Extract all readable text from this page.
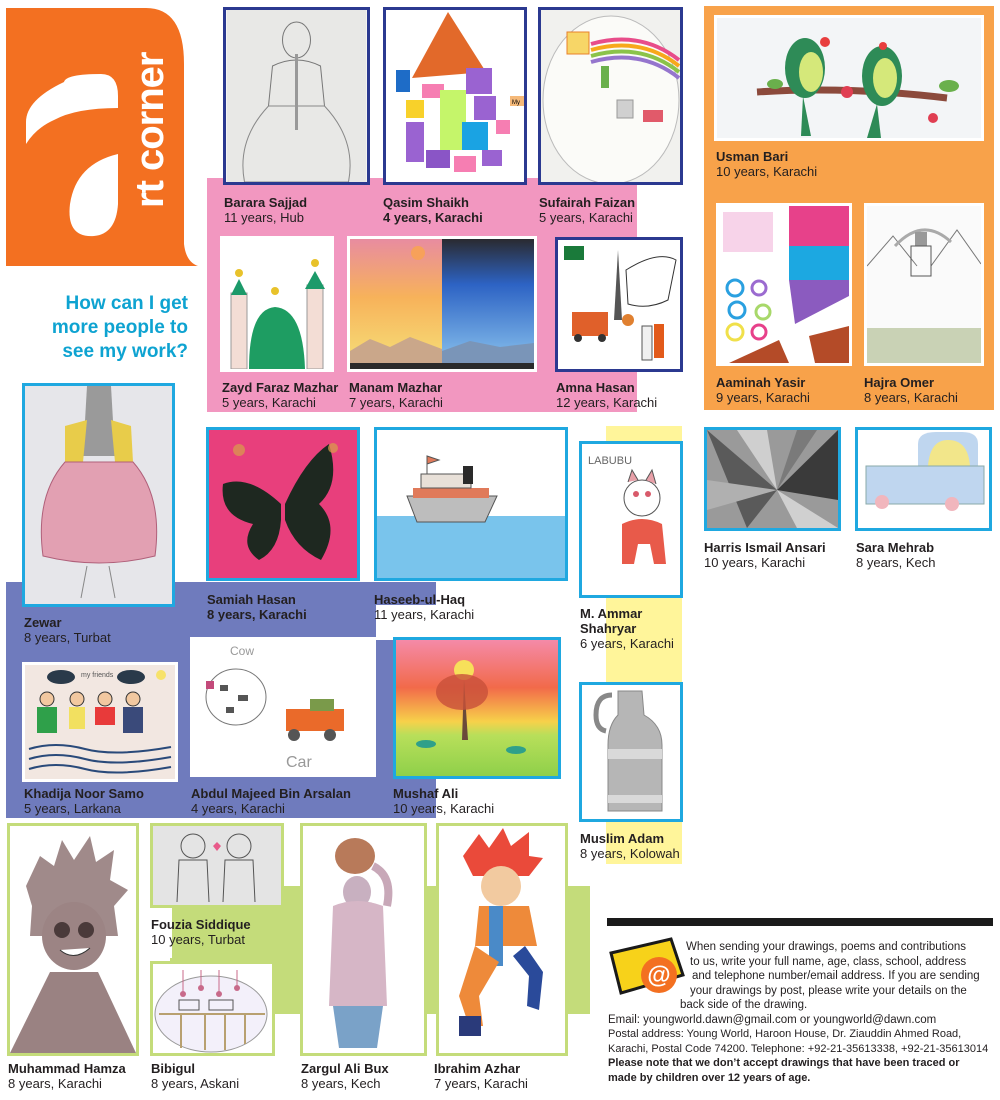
rt corner
How can I get more people to see my work?
Barara Sajjad
11 years, Hub
My
Qasim Shaikh
4 years, Karachi
Sufairah Faizan
5 years, Karachi
Usman Bari
10 years, Karachi
Zayd Faraz Mazhar
5 years, Karachi
Manam Mazhar
7 years, Karachi
Amna Hasan
12 years, Karachi
Aaminah Yasir
9 years, Karachi
Hajra Omer
8 years, Karachi
Zewar
8 years, Turbat
Samiah Hasan
8 years, Karachi
Haseeb-ul-Haq
11 years, Karachi
LABUBU
M. Ammar
Shahryar
6 years, Karachi
Harris Ismail Ansari
10 years, Karachi
Sara Mehrab
8 years, Kech
my friends
Khadija Noor Samo
5 years, Larkana
Cow
Car
Abdul Majeed Bin Arsalan
4 years, Karachi
Mushaf Ali
10 years, Karachi
Muslim Adam
8 years, Kolowah
Muhammad Hamza
8 years, Karachi
Fouzia Siddique
10 years, Turbat
Bibigul
8 years, Askani
Zargul Ali Bux
8 years, Kech
Ibrahim Azhar
7 years, Karachi
@
When sending your drawings, poems and contributions
to us, write your full name, age, class, school, address
and telephone number/email address. If you are sending
your drawings by post, please write your details on the
back side of the drawing.
Email: youngworld.dawn@gmail.com or youngworld@dawn.com
Postal address: Young World, Haroon House, Dr. Ziauddin Ahmed Road,
Karachi, Postal Code 74200. Telephone: +92-21-35613338, +92-21-35613014
Please note that we don’t accept drawings that have been traced or
made by children over 12 years of age.
